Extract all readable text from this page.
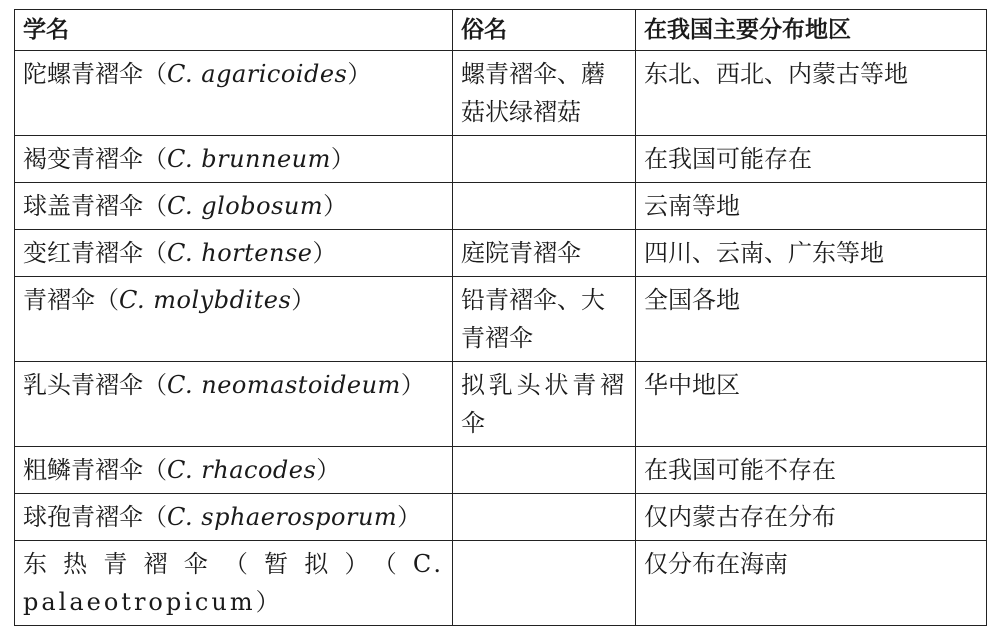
学名	俗名	在我国主要分布地区
陀螺青褶伞（C. agaricoides）	螺青褶伞、蘑菇状绿褶菇	东北、西北、内蒙古等地
褐变青褶伞（C. brunneum）		在我国可能存在
球盖青褶伞（C. globosum）		云南等地
变红青褶伞（C. hortense）	庭院青褶伞	四川、云南、广东等地
青褶伞（C. molybdites）	铅青褶伞、大青褶伞	全国各地
乳头青褶伞（C. neomastoideum）	拟乳头状青褶伞	华中地区
粗鳞青褶伞（C. rhacodes）		在我国可能不存在
球孢青褶伞（C. sphaerosporum）		仅内蒙古存在分布
东热青褶伞（暂拟）（C. palaeotropicum）		仅分布在海南
